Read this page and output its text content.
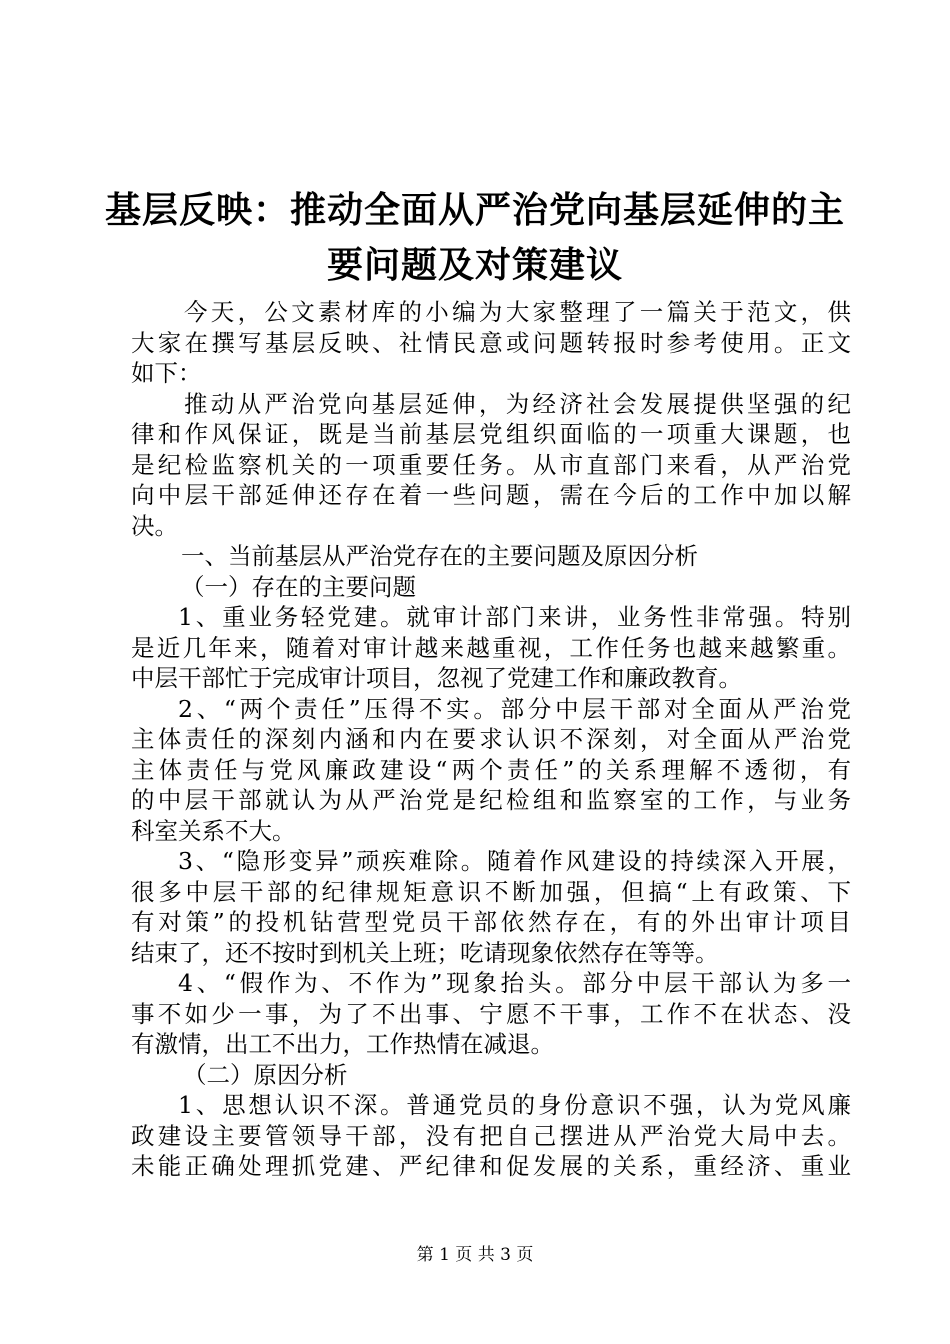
基层反映：推动全面从严治党向基层延伸的主
要问题及对策建议
今天，公文素材库的小编为大家整理了一篇关于范文，供
大家在撰写基层反映、社情民意或问题转报时参考使用。正文
如下：
推动从严治党向基层延伸，为经济社会发展提供坚强的纪
律和作风保证，既是当前基层党组织面临的一项重大课题，也
是纪检监察机关的一项重要任务。从市直部门来看，从严治党
向中层干部延伸还存在着一些问题，需在今后的工作中加以解
决。
一、当前基层从严治党存在的主要问题及原因分析
（一）存在的主要问题
1、重业务轻党建。就审计部门来讲，业务性非常强。特别
是近几年来，随着对审计越来越重视，工作任务也越来越繁重。
中层干部忙于完成审计项目，忽视了党建工作和廉政教育。
2、“两个责任”压得不实。部分中层干部对全面从严治党
主体责任的深刻内涵和内在要求认识不深刻，对全面从严治党
主体责任与党风廉政建设“两个责任”的关系理解不透彻，有
的中层干部就认为从严治党是纪检组和监察室的工作，与业务
科室关系不大。
3、“隐形变异”顽疾难除。随着作风建设的持续深入开展，
很多中层干部的纪律规矩意识不断加强，但搞“上有政策、下
有对策”的投机钻营型党员干部依然存在，有的外出审计项目
结束了，还不按时到机关上班；吃请现象依然存在等等。
4、“假作为、不作为”现象抬头。部分中层干部认为多一
事不如少一事，为了不出事、宁愿不干事，工作不在状态、没
有激情，出工不出力，工作热情在减退。
（二）原因分析
1、思想认识不深。普通党员的身份意识不强，认为党风廉
政建设主要管领导干部，没有把自己摆进从严治党大局中去。
未能正确处理抓党建、严纪律和促发展的关系，重经济、重业
第 1 页 共 3 页
